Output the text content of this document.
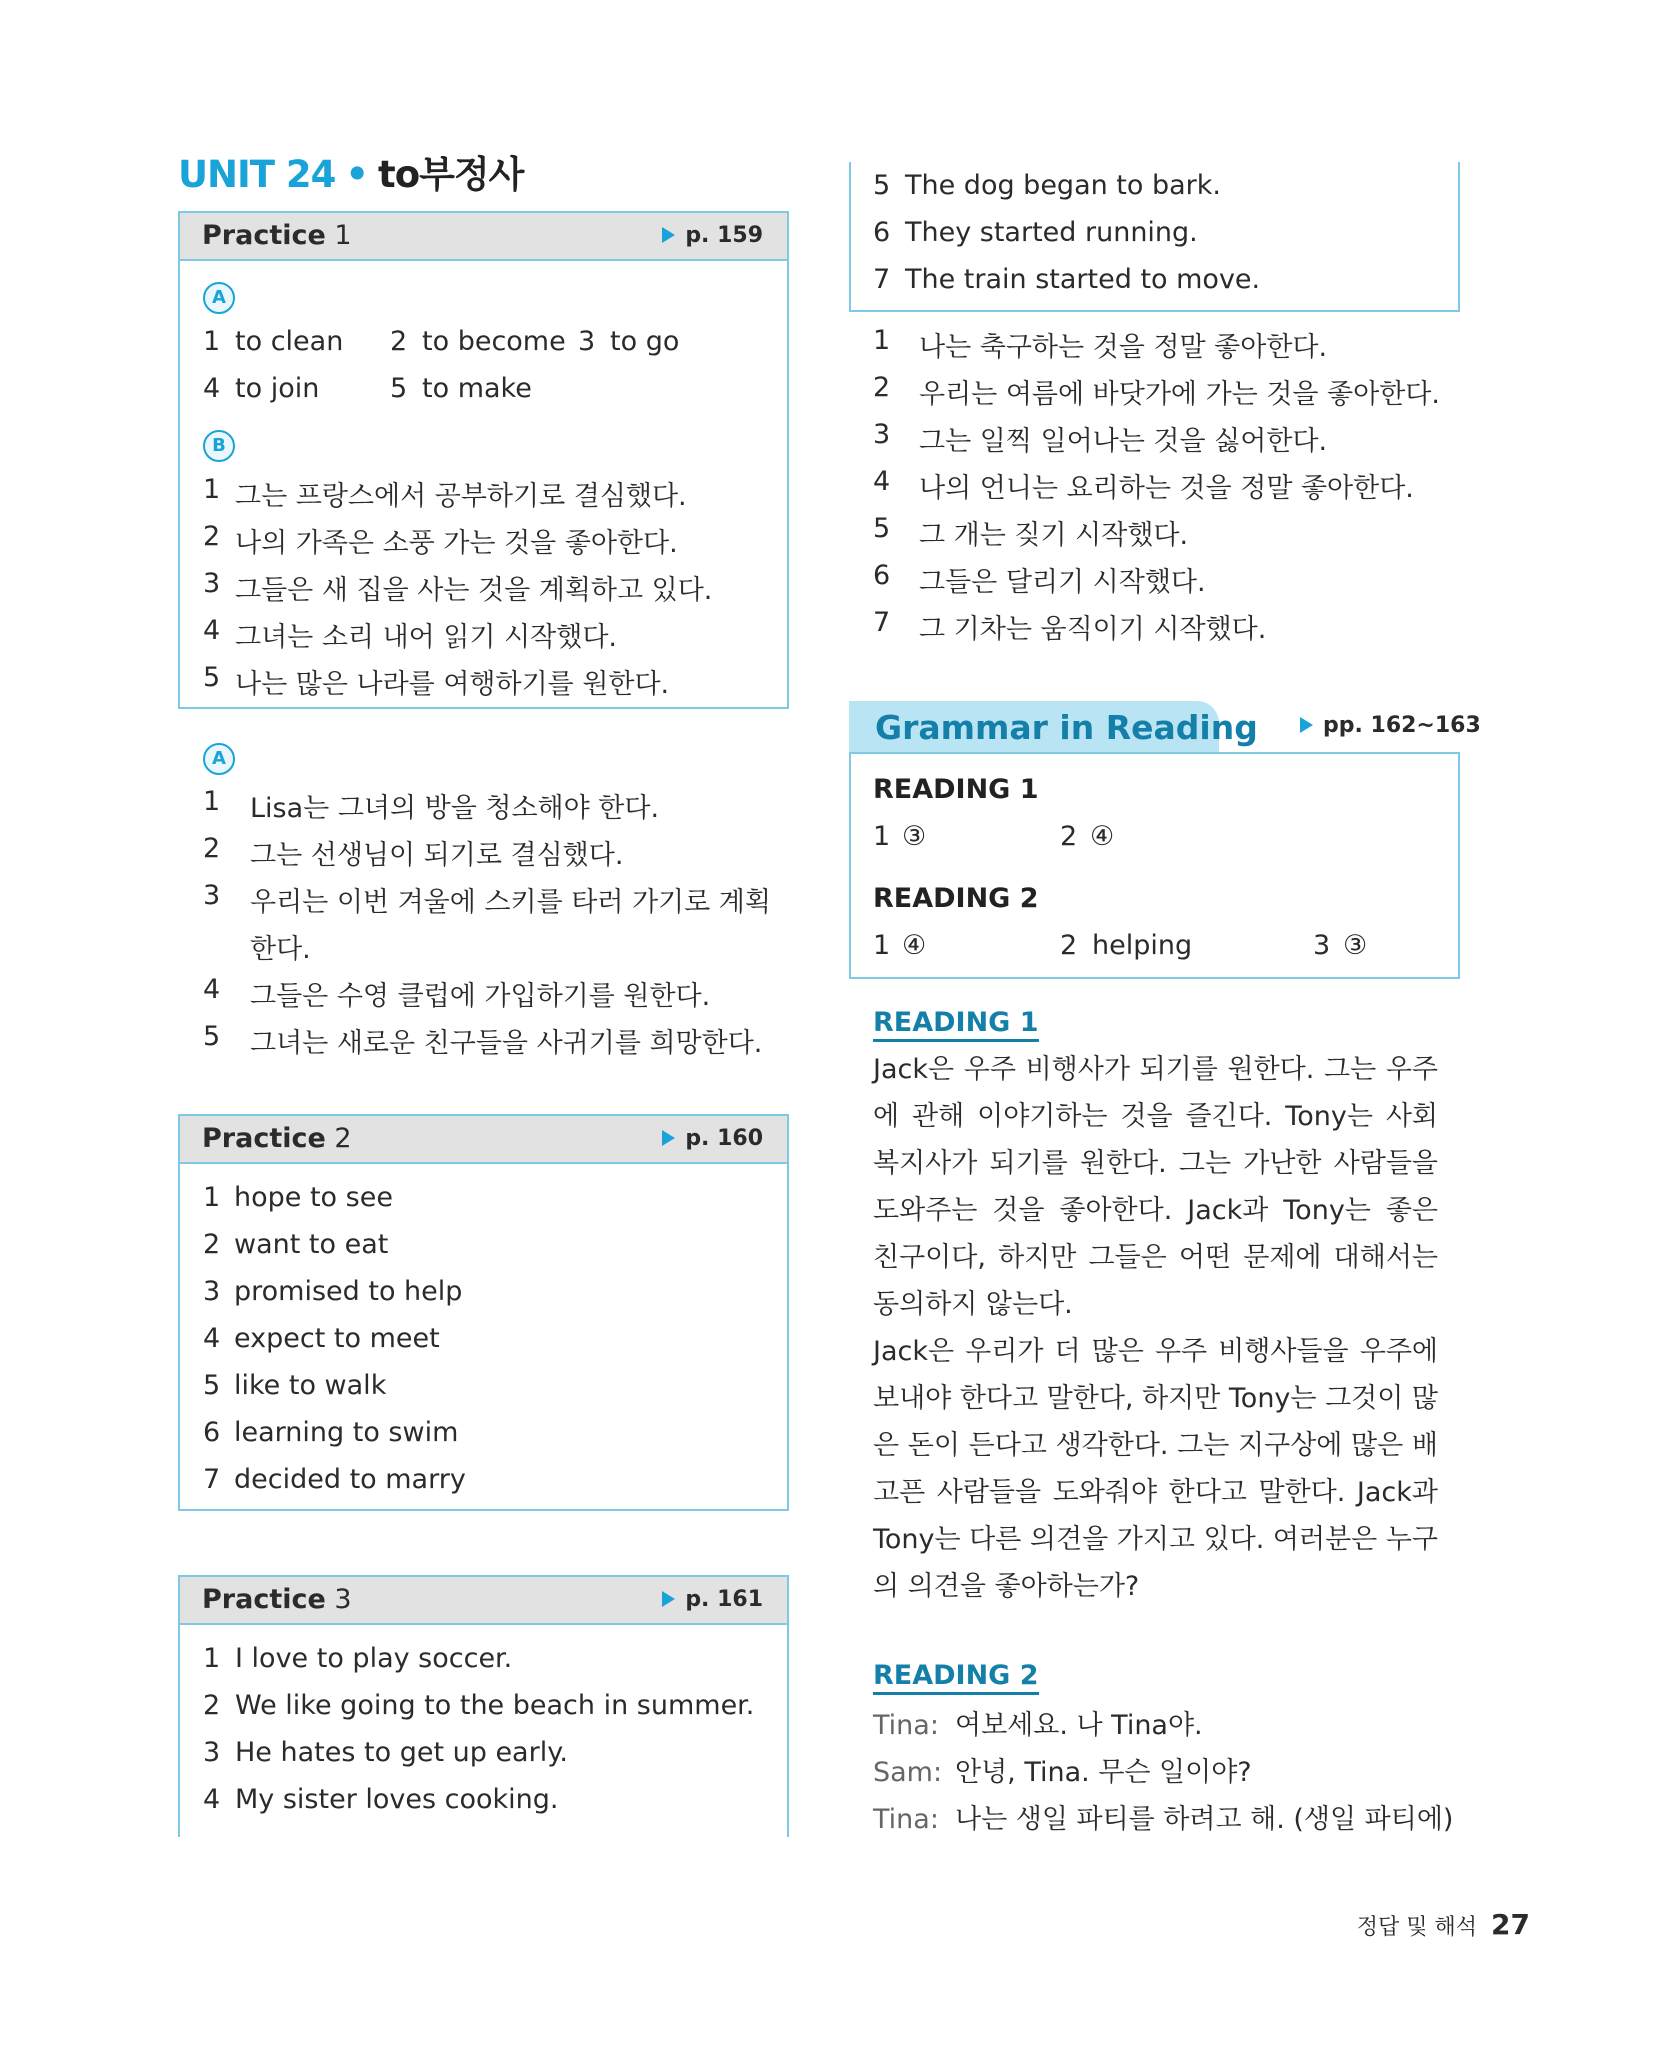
UNIT 24 • to부정사
Practice 1	p. 159
A
1 to clean 2 to become 3 to go
4 to join	5 to make
B
1 그는 프랑스에서 공부하기로 결심했다.
2 나의 가족은 소풍 가는 것을 좋아한다.
3 그들은 새 집을 사는 것을 계획하고 있다.
4 그녀는 소리 내어 읽기 시작했다.
5 나는 많은 나라를 여행하기를 원한다.
A
1 Lisa는 그녀의 방을 청소해야 한다.
2 그는 선생님이 되기로 결심했다.
3 우리는 이번 겨울에 스키를 타러 가기로 계획
한다.
4 그들은 수영 클럽에 가입하기를 원한다.
5 그녀는 새로운 친구들을 사귀기를 희망한다.
Practice 2	p. 160
1 hope to see
2 want to eat
3 promised to help
4 expect to meet
5 like to walk
6 learning to swim
7 decided to marry
Practice 3	p. 161
1 I love to play soccer.
2 We like going to the beach in summer.
3 He hates to get up early.
4 My sister loves cooking.
5 The dog began to bark.
6 They started running.
7 The train started to move.
1 나는 축구하는 것을 정말 좋아한다.
2 우리는 여름에 바닷가에 가는 것을 좋아한다.
3 그는 일찍 일어나는 것을 싫어한다.
4 나의 언니는 요리하는 것을 정말 좋아한다.
5 그 개는 짖기 시작했다.
6 그들은 달리기 시작했다.
7 그 기차는 움직이기 시작했다.
Grammar in Reading	pp. 162~163
READING 1
1 ③	2 ④
READING 2
1 ④	2 helping	3 ③
READING 1
Jack은 우주 비행사가 되기를 원한다. 그는 우주에 관해 이야기하는 것을 즐긴다. Tony는 사회 복지사가 되기를 원한다. 그는 가난한 사람들을 도와주는 것을 좋아한다. Jack과 Tony는 좋은 친구이다, 하지만 그들은 어떤 문제에 대해서는 동의하지 않는다.
Jack은 우리가 더 많은 우주 비행사들을 우주에 보내야 한다고 말한다, 하지만 Tony는 그것이 많은 돈이 든다고 생각한다. 그는 지구상에 많은 배고픈 사람들을 도와줘야 한다고 말한다. Jack과 Tony는 다른 의견을 가지고 있다. 여러분은 누구의 의견을 좋아하는가?
READING 2
Tina: 여보세요. 나 Tina야.
Sam: 안녕, Tina. 무슨 일이야?
Tina: 나는 생일 파티를 하려고 해. (생일 파티에)
정답 및 해석 27
